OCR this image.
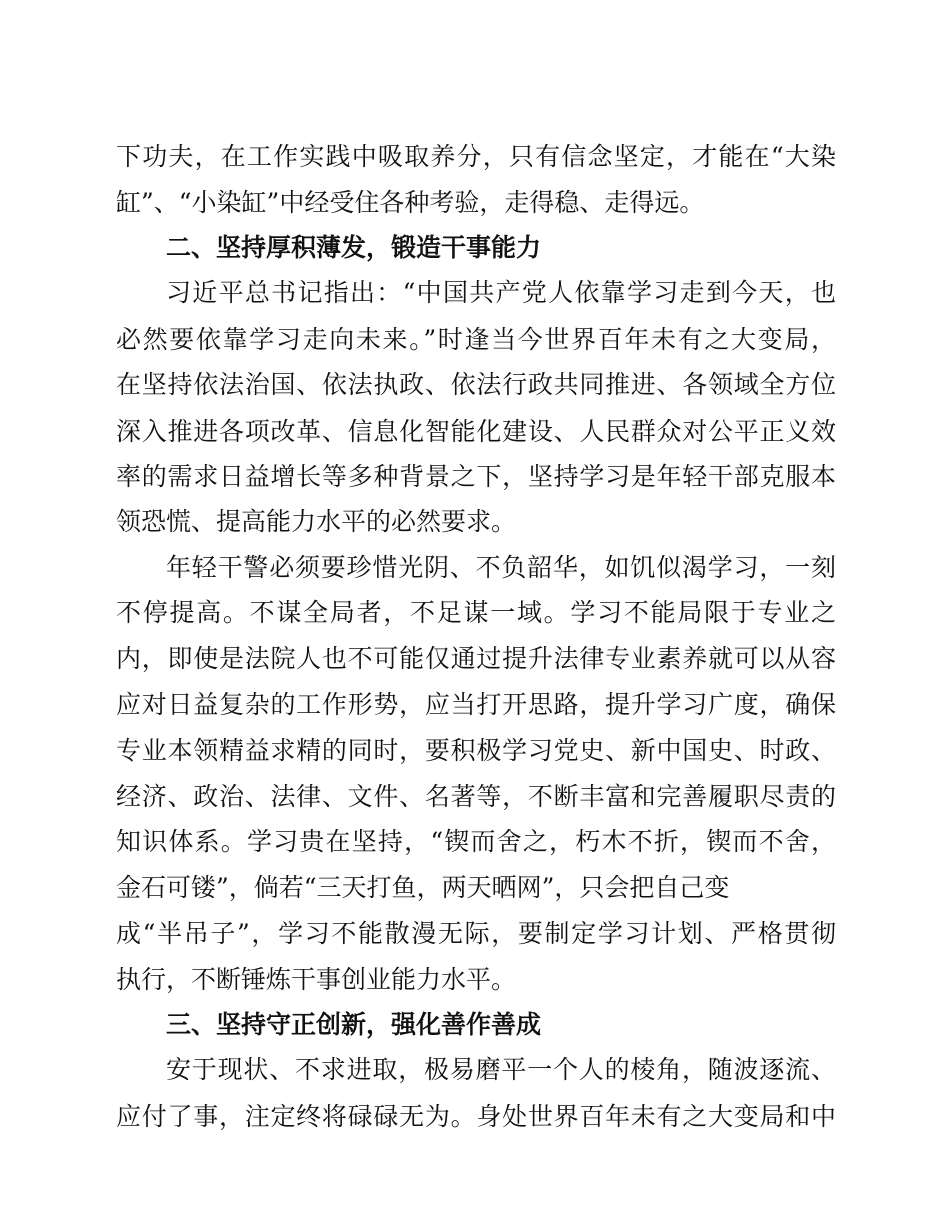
下功夫，在工作实践中吸取养分，只有信念坚定，才能在“大染
缸”、“小染缸”中经受住各种考验，走得稳、走得远。
二、坚持厚积薄发，锻造干事能力
习近平总书记指出：“中国共产党人依靠学习走到今天，也
必然要依靠学习走向未来。”时逢当今世界百年未有之大变局，
在坚持依法治国、依法执政、依法行政共同推进、各领域全方位
深入推进各项改革、信息化智能化建设、人民群众对公平正义效
率的需求日益增长等多种背景之下，坚持学习是年轻干部克服本
领恐慌、提高能力水平的必然要求。
年轻干警必须要珍惜光阴、不负韶华，如饥似渴学习，一刻
不停提高。不谋全局者，不足谋一域。学习不能局限于专业之
内，即使是法院人也不可能仅通过提升法律专业素养就可以从容
应对日益复杂的工作形势，应当打开思路，提升学习广度，确保
专业本领精益求精的同时，要积极学习党史、新中国史、时政、
经济、政治、法律、文件、名著等，不断丰富和完善履职尽责的
知识体系。学习贵在坚持，“锲而舍之，朽木不折，锲而不舍，
金石可镂”，倘若“三天打鱼，两天晒网”，只会把自己变
成“半吊子”，学习不能散漫无际，要制定学习计划、严格贯彻
执行，不断锤炼干事创业能力水平。
三、坚持守正创新，强化善作善成
安于现状、不求进取，极易磨平一个人的棱角，随波逐流、
应付了事，注定终将碌碌无为。身处世界百年未有之大变局和中
